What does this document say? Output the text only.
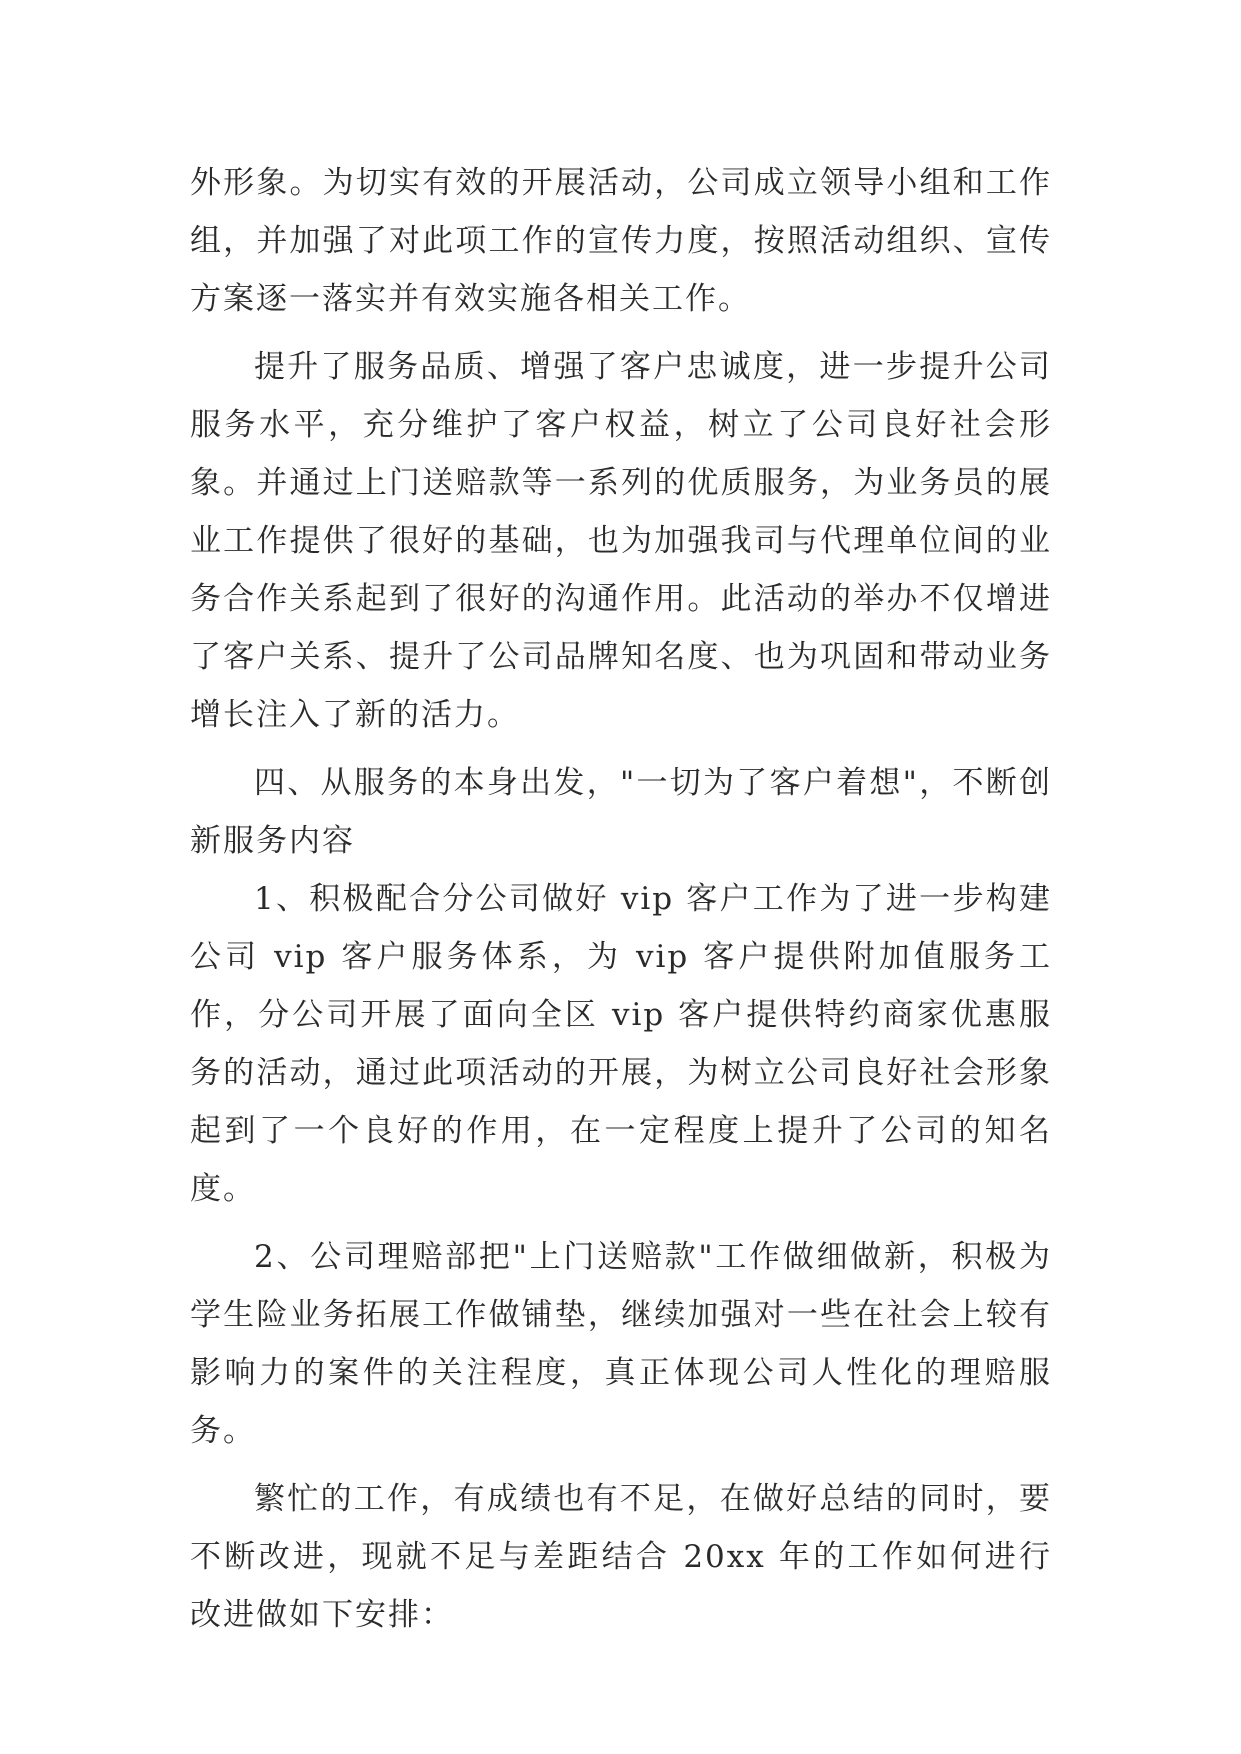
外形象。为切实有效的开展活动，公司成立领导小组和工作组，并加强了对此项工作的宣传力度，按照活动组织、宣传方案逐一落实并有效实施各相关工作。

提升了服务品质、增强了客户忠诚度，进一步提升公司服务水平，充分维护了客户权益，树立了公司良好社会形象。并通过上门送赔款等一系列的优质服务，为业务员的展业工作提供了很好的基础，也为加强我司与代理单位间的业务合作关系起到了很好的沟通作用。此活动的举办不仅增进了客户关系、提升了公司品牌知名度、也为巩固和带动业务增长注入了新的活力。

四、从服务的本身出发，"一切为了客户着想"，不断创新服务内容

1、积极配合分公司做好 vip 客户工作为了进一步构建公司 vip 客户服务体系，为 vip 客户提供附加值服务工作，分公司开展了面向全区 vip 客户提供特约商家优惠服务的活动，通过此项活动的开展，为树立公司良好社会形象起到了一个良好的作用，在一定程度上提升了公司的知名度。

2、公司理赔部把"上门送赔款"工作做细做新，积极为学生险业务拓展工作做铺垫，继续加强对一些在社会上较有影响力的案件的关注程度，真正体现公司人性化的理赔服务。

繁忙的工作，有成绩也有不足，在做好总结的同时，要不断改进，现就不足与差距结合 20xx 年的工作如何进行改进做如下安排：
